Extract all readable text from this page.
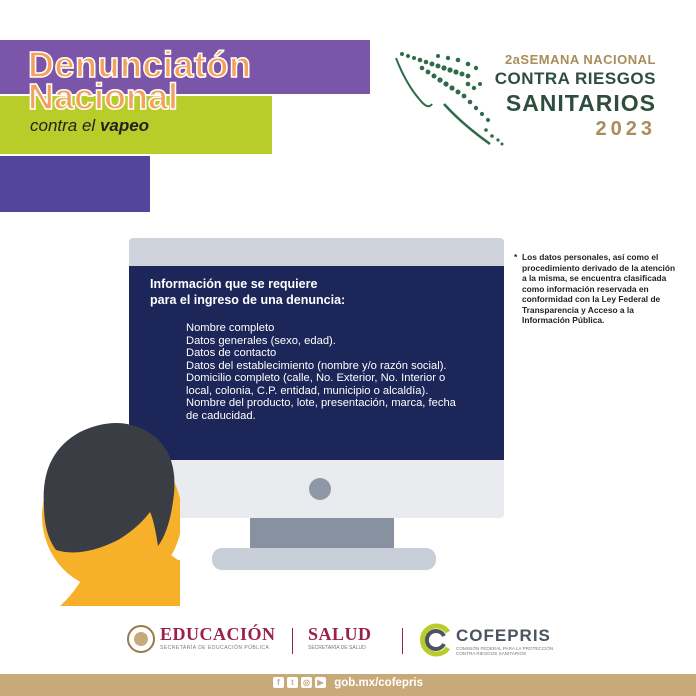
Denunciatón
Nacional
contra el vapeo
2aSEMANA NACIONAL
CONTRA RIESGOS
SANITARIOS
2023
Información que se requiere
para el ingreso de una denuncia:
Nombre completo
Datos generales (sexo, edad).
Datos de contacto
Datos del establecimiento (nombre y/o razón social).
Domicilio completo (calle, No. Exterior, No. Interior o local, colonia, C.P. entidad, municipio o alcaldía).
Nombre del producto, lote, presentación, marca, fecha de caducidad.
* Los datos personales, así como el procedimiento derivado de la atención a la misma, se encuentra clasificada como información reservada en conformidad con la Ley Federal de Transparencia y Acceso a la Información Pública.
EDUCACIÓN
SECRETARÍA DE EDUCACIÓN PÚBLICA
SALUD
SECRETARÍA DE SALUD
COFEPRIS
COMISIÓN FEDERAL PARA LA PROTECCIÓN
CONTRA RIESGOS SANITARIOS
f	t	◎ ▶ gob.mx/cofepris
